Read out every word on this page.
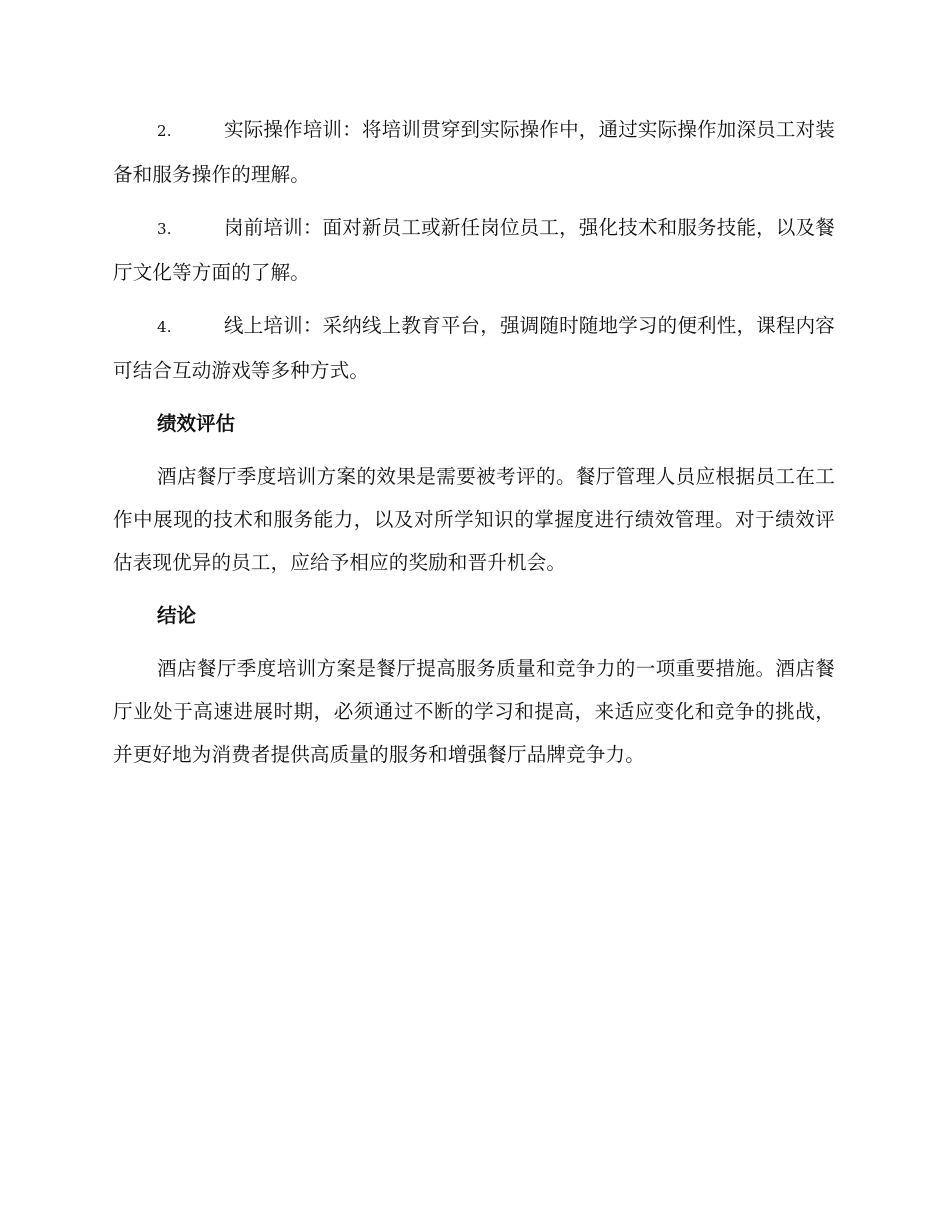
2.	实际操作培训：将培训贯穿到实际操作中，通过实际操作加深员工对装备和服务操作的理解。

3.	岗前培训：面对新员工或新任岗位员工，强化技术和服务技能，以及餐厅文化等方面的了解。

4.	线上培训：采纳线上教育平台，强调随时随地学习的便利性，课程内容可结合互动游戏等多种方式。

绩效评估

酒店餐厅季度培训方案的效果是需要被考评的。餐厅管理人员应根据员工在工作中展现的技术和服务能力，以及对所学知识的掌握度进行绩效管理。对于绩效评估表现优异的员工，应给予相应的奖励和晋升机会。

结论

酒店餐厅季度培训方案是餐厅提高服务质量和竞争力的一项重要措施。酒店餐厅业处于高速进展时期，必须通过不断的学习和提高，来适应变化和竞争的挑战，并更好地为消费者提供高质量的服务和增强餐厅品牌竞争力。
